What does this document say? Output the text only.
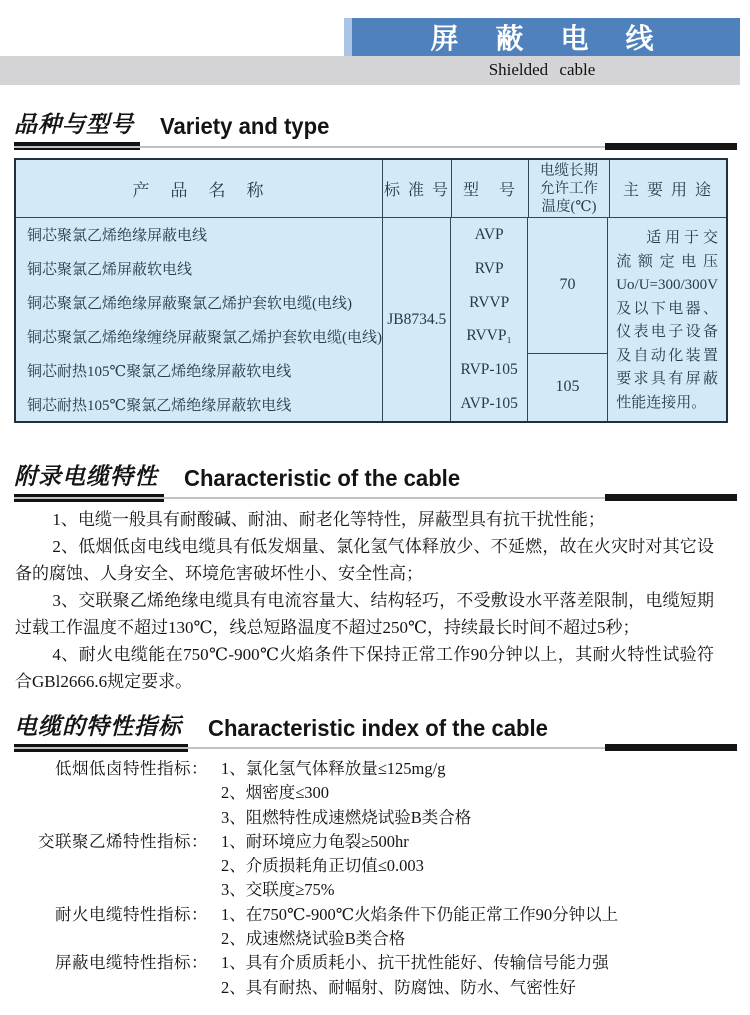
屏 蔽 电 线
Shielded cable
品种与型号 Variety and type
产　品　名　称	标 准 号 型　号
电缆长期允许工作温度(℃)
主 要 用 途
铜芯聚氯乙烯绝缘屏蔽电线
铜芯聚氯乙烯屏蔽软电线
铜芯聚氯乙烯绝缘屏蔽聚氯乙烯护套软电缆(电线)
铜芯聚氯乙烯绝缘缠绕屏蔽聚氯乙烯护套软电缆(电线)
铜芯耐热105℃聚氯乙烯绝缘屏蔽软电线
铜芯耐热105℃聚氯乙烯绝缘屏蔽软电线
JB8734.5
AVP
RVP
RVVP
RVVP₁
RVP-105
AVP-105
70
105
适用于交流额定电压Uo/U=300/300V及以下电器、仪表电子设备及自动化装置要求具有屏蔽性能连接用。
附录电缆特性 Characteristic of the cable

1、电缆一般具有耐酸碱、耐油、耐老化等特性，屏蔽型具有抗干扰性能；

2、低烟低卤电线电缆具有低发烟量、氯化氢气体释放少、不延燃，故在火灾时对其它设备的腐蚀、人身安全、环境危害破坏性小、安全性高；

3、交联聚乙烯绝缘电缆具有电流容量大、结构轻巧，不受敷设水平落差限制，电缆短期过载工作温度不超过130℃，线总短路温度不超过250℃，持续最长时间不超过5秒；

4、耐火电缆能在750℃-900℃火焰条件下保持正常工作90分钟以上，其耐火特性试验符合GBl2666.6规定要求。

电缆的特性指标 Characteristic index of the cable
低烟低卤特性指标： 1、氯化氢气体释放量≤125mg/g
2、烟密度≤300
3、阻燃特性成速燃烧试验B类合格
交联聚乙烯特性指标： 1、耐环境应力龟裂≥500hr
2、介质损耗角正切值≤0.003
3、交联度≥75%
耐火电缆特性指标： 1、在750℃-900℃火焰条件下仍能正常工作90分钟以上
2、成速燃烧试验B类合格
屏蔽电缆特性指标： 1、具有介质质耗小、抗干扰性能好、传输信号能力强
2、具有耐热、耐幅射、防腐蚀、防水、气密性好
